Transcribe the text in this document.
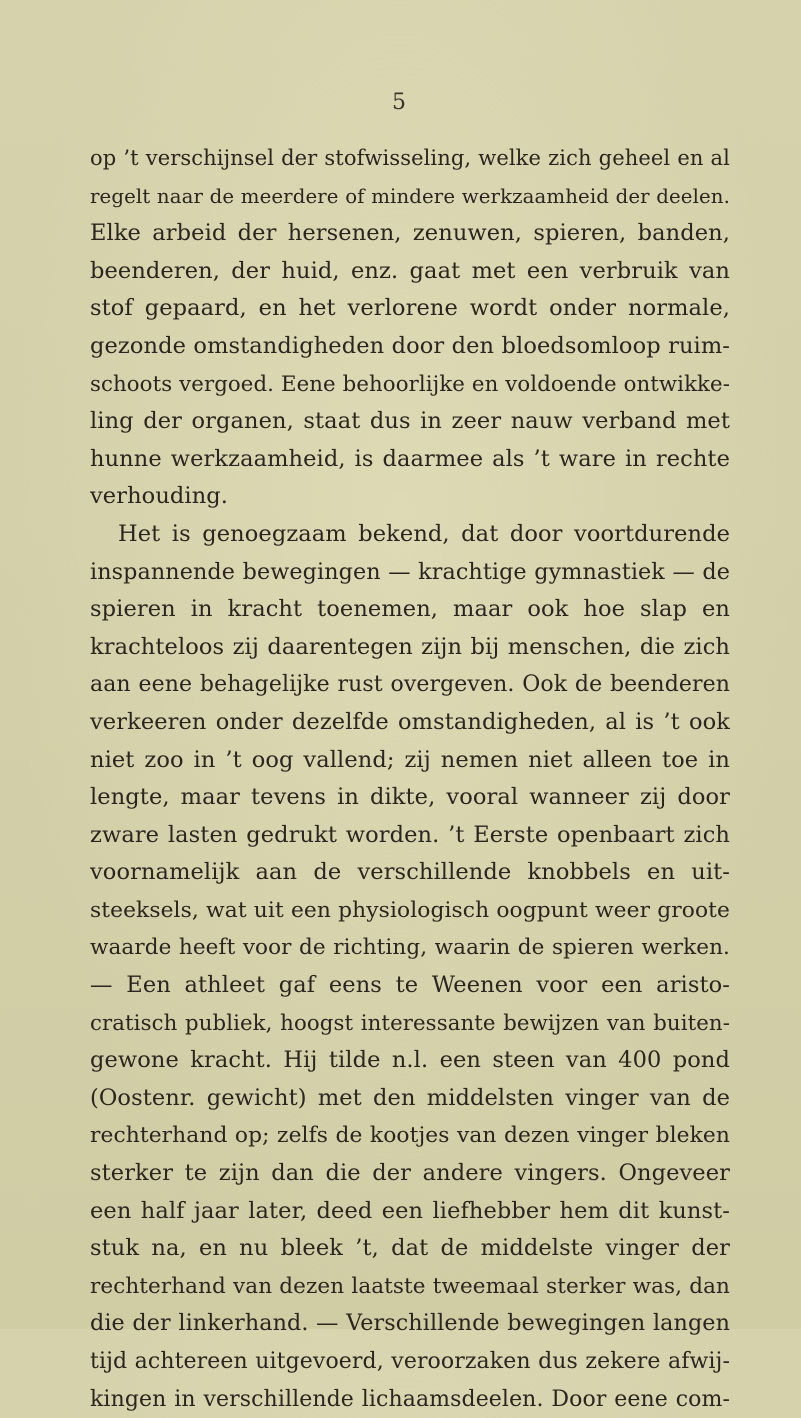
5
op ’t verschijnsel der stofwisseling, welke zich geheel en al
regelt naar de meerdere of mindere werkzaamheid der deelen.
Elke arbeid der hersenen, zenuwen, spieren, banden,
beenderen, der huid, enz. gaat met een verbruik van
stof gepaard, en het verlorene wordt onder normale,
gezonde omstandigheden door den bloedsomloop ruim-
schoots vergoed. Eene behoorlijke en voldoende ontwikke-
ling der organen, staat dus in zeer nauw verband met
hunne werkzaamheid, is daarmee als ’t ware in rechte
verhouding.
Het is genoegzaam bekend, dat door voortdurende
inspannende bewegingen — krachtige gymnastiek — de
spieren in kracht toenemen, maar ook hoe slap en
krachteloos zij daarentegen zijn bij menschen, die zich
aan eene behagelijke rust overgeven. Ook de beenderen
verkeeren onder dezelfde omstandigheden, al is ’t ook
niet zoo in ’t oog vallend; zij nemen niet alleen toe in
lengte, maar tevens in dikte, vooral wanneer zij door
zware lasten gedrukt worden. ’t Eerste openbaart zich
voornamelijk aan de verschillende knobbels en uit-
steeksels, wat uit een physiologisch oogpunt weer groote
waarde heeft voor de richting, waarin de spieren werken.
— Een athleet gaf eens te Weenen voor een aristo-
cratisch publiek, hoogst interessante bewijzen van buiten-
gewone kracht. Hij tilde n.l. een steen van 400 pond
(Oostenr. gewicht) met den middelsten vinger van de
rechterhand op; zelfs de kootjes van dezen vinger bleken
sterker te zijn dan die der andere vingers. Ongeveer
een half jaar later, deed een liefhebber hem dit kunst-
stuk na, en nu bleek ’t, dat de middelste vinger der
rechterhand van dezen laatste tweemaal sterker was, dan
die der linkerhand. — Verschillende bewegingen langen
tijd achtereen uitgevoerd, veroorzaken dus zekere afwij-
kingen in verschillende lichaamsdeelen. Door eene com-
